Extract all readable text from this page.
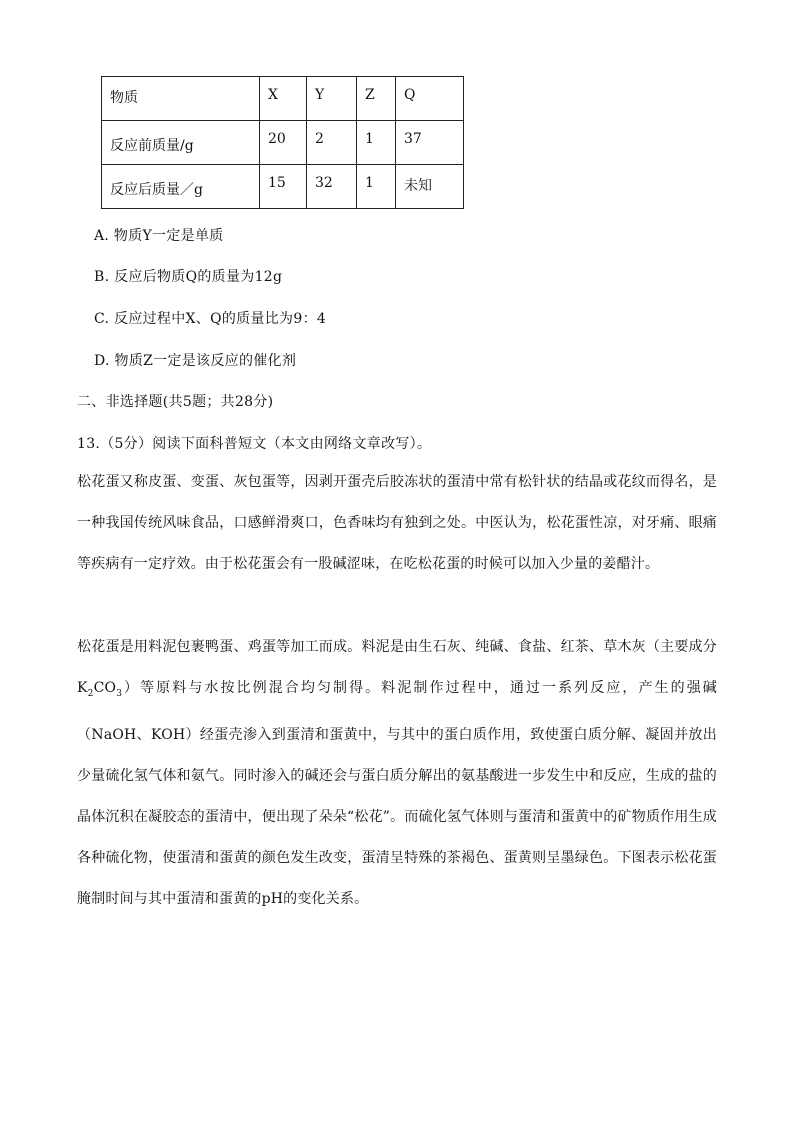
物质	X	Y	Z	Q

反应前质量/g	20	2	1	37

反应后质量／g	15	32	1	未知
A. 物质Y一定是单质
B. 反应后物质Q的质量为12g
C. 反应过程中X、Q的质量比为9：4
D. 物质Z一定是该反应的催化剂
二、非选择题(共5题；共28分)
13.（5分）阅读下面科普短文（本文由网络文章改写）。

松花蛋又称皮蛋、变蛋、灰包蛋等，因剥开蛋壳后胶冻状的蛋清中常有松针状的结晶或花纹而得名，是一种我国传统风味食品，口感鲜滑爽口，色香味均有独到之处。中医认为，松花蛋性凉，对牙痛、眼痛等疾病有一定疗效。由于松花蛋会有一股碱涩味，在吃松花蛋的时候可以加入少量的姜醋汁。

松花蛋是用料泥包裹鸭蛋、鸡蛋等加工而成。料泥是由生石灰、纯碱、食盐、红茶、草木灰（主要成分$K_2CO_3$）等原料与水按比例混合均匀制得。料泥制作过程中，通过一系列反应，产生的强碱（NaOH、KOH）经蛋壳渗入到蛋清和蛋黄中，与其中的蛋白质作用，致使蛋白质分解、凝固并放出少量硫化氢气体和氨气。同时渗入的碱还会与蛋白质分解出的氨基酸进一步发生中和反应，生成的盐的晶体沉积在凝胶态的蛋清中，便出现了朵朵“松花”。而硫化氢气体则与蛋清和蛋黄中的矿物质作用生成各种硫化物，使蛋清和蛋黄的颜色发生改变，蛋清呈特殊的茶褐色、蛋黄则呈墨绿色。下图表示松花蛋腌制时间与其中蛋清和蛋黄的pH的变化关系。
